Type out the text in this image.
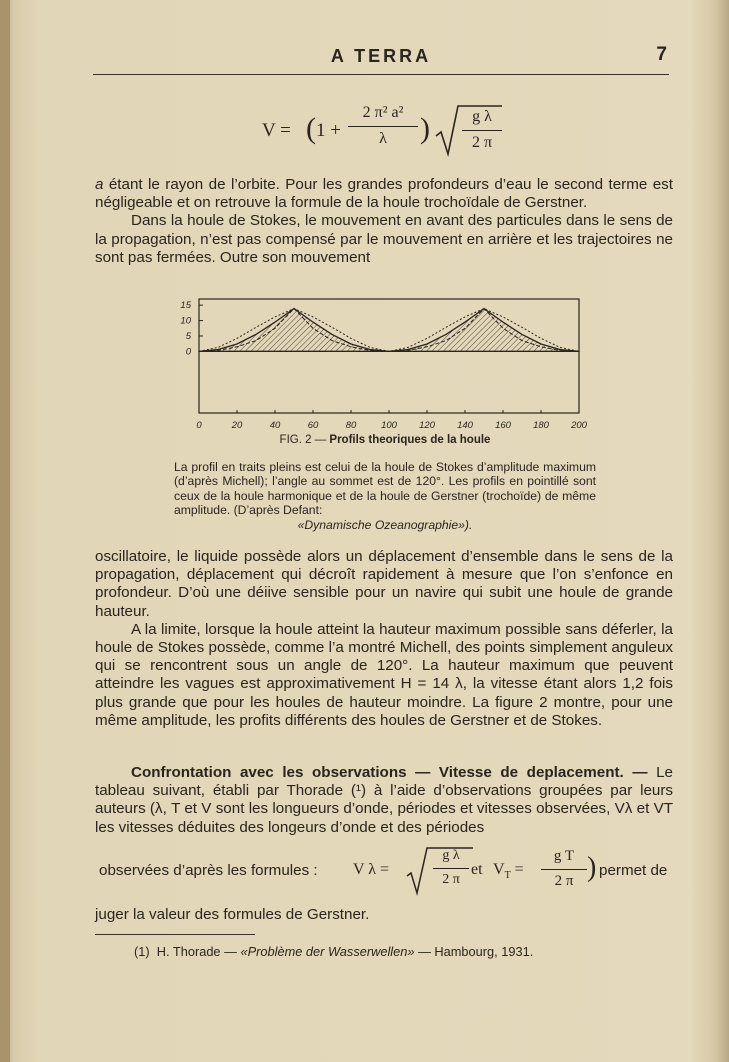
A TERRA	7
V = ( 1 +
2 π² a²
λ	)	g λ
2 π

a étant le rayon de l’orbite. Pour les grandes profondeurs d’eau le second terme est négligeable et on retrouve la formule de la houle trochoïdale de Gerstner.

Dans la houle de Stokes, le mouvement en avant des particules dans le sens de la propagation, n’est pas compensé par le mouvement en arrière et les trajectoires ne sont pas fermées. Outre son mouvement

15
10
5
0
0	20	40	60	80	100 120 140 160 180 200
FIG. 2 — Profils theoriques de la houle
La profil en traits pleins est celui de la houle de Stokes d’amplitude maximum (d’après Michell); l’angle au sommet est de 120°. Les profils en pointillé sont ceux de la houle harmonique et de la houle de Gerstner (trochoïde) de même amplitude. (D’après Defant:
«Dynamische Ozeanographie»).

oscillatoire, le liquide possède alors un déplacement d’ensemble dans le sens de la propagation, déplacement qui décroît rapidement à mesure que l’on s’enfonce en profondeur. D’où une déiive sensible pour un navire qui subit une houle de grande hauteur.

A la limite, lorsque la houle atteint la hauteur maximum possible sans déferler, la houle de Stokes possède, comme l’a montré Michell, des points simplement anguleux qui se rencontrent sous un angle de 120°. La hauteur maximum que peuvent atteindre les vagues est approximativement H = 14 λ, la vitesse étant alors 1,2 fois plus grande que pour les houles de hauteur moindre. La figure 2 montre, pour une même amplitude, les profits différents des houles de Gerstner et de Stokes.

Confrontation avec les observations — Vitesse de deplacement. — Le tableau suivant, établi par Thorade (¹) à l’aide d’observations groupées par leurs auteurs (λ, T et V sont les longueurs d’onde, périodes et vitesses observées, Vλ et VT les vitesses déduites des longeurs d’onde et des périodes

observées d’après les formules : V λ =
g λ
2 π
et $V_T$ =
g T
2 π ) permet de

juger la valeur des formules de Gerstner.

(1) H. Thorade — «Problème der Wasserwellen» — Hambourg, 1931.
